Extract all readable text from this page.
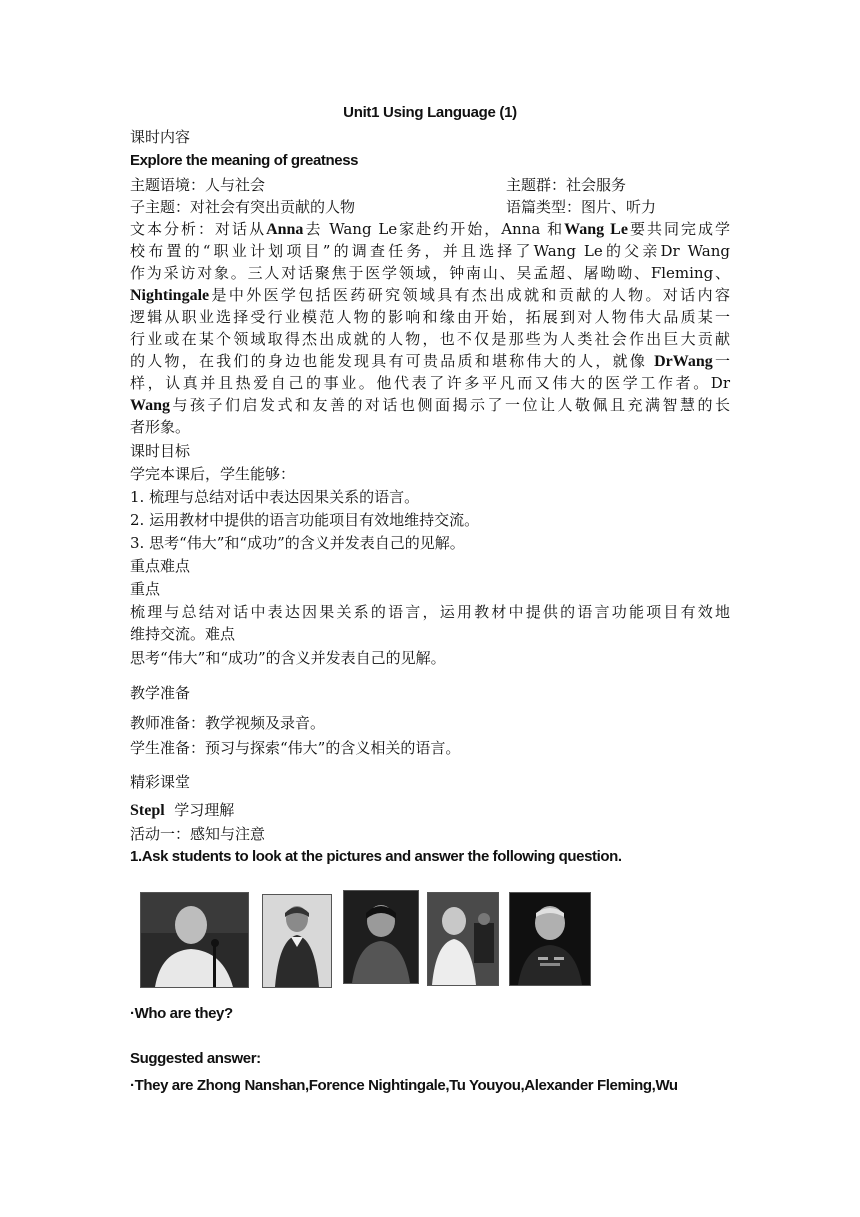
Unit1 Using Language (1)
课时内容
Explore the meaning of greatness
主题语境：人与社会	主题群：社会服务
子主题：对社会有突出贡献的人物	语篇类型：图片、听力
文本分析：对话从Anna去 Wang Le家赴约开始，Anna 和Wang Le要共同完成学
校布置的“职业计划项目”的调查任务，并且选择了Wang Le的父亲Dr Wang
作为采访对象。三人对话聚焦于医学领域，钟南山、吴孟超、屠呦呦、Fleming、
Nightingale是中外医学包括医药研究领域具有杰出成就和贡献的人物。对话内容
逻辑从职业选择受行业模范人物的影响和缘由开始，拓展到对人物伟大品质某一
行业或在某个领域取得杰出成就的人物，也不仅是那些为人类社会作出巨大贡献
的人物，在我们的身边也能发现具有可贵品质和堪称伟大的人，就像 DrWang一
样，认真并且热爱自己的事业。他代表了许多平凡而又伟大的医学工作者。Dr
Wang与孩子们启发式和友善的对话也侧面揭示了一位让人敬佩且充满智慧的长
者形象。
课时目标
学完本课后，学生能够：
1. 梳理与总结对话中表达因果关系的语言。
2. 运用教材中提供的语言功能项目有效地维持交流。
3. 思考“伟大”和“成功”的含义并发表自己的见解。
重点难点
重点
梳理与总结对话中表达因果关系的语言，运用教材中提供的语言功能项目有效地
维持交流。难点
思考“伟大”和“成功”的含义并发表自己的见解。
教学准备
教师准备：教学视频及录音。
学生准备：预习与探索“伟大”的含义相关的语言。
精彩课堂
Stepl 学习理解
活动一：感知与注意
1.Ask students to look at the pictures and answer the following question.
·Who are they?
Suggested answer:
·They are Zhong Nanshan,Forence Nightingale,Tu Youyou,Alexander Fleming,Wu
